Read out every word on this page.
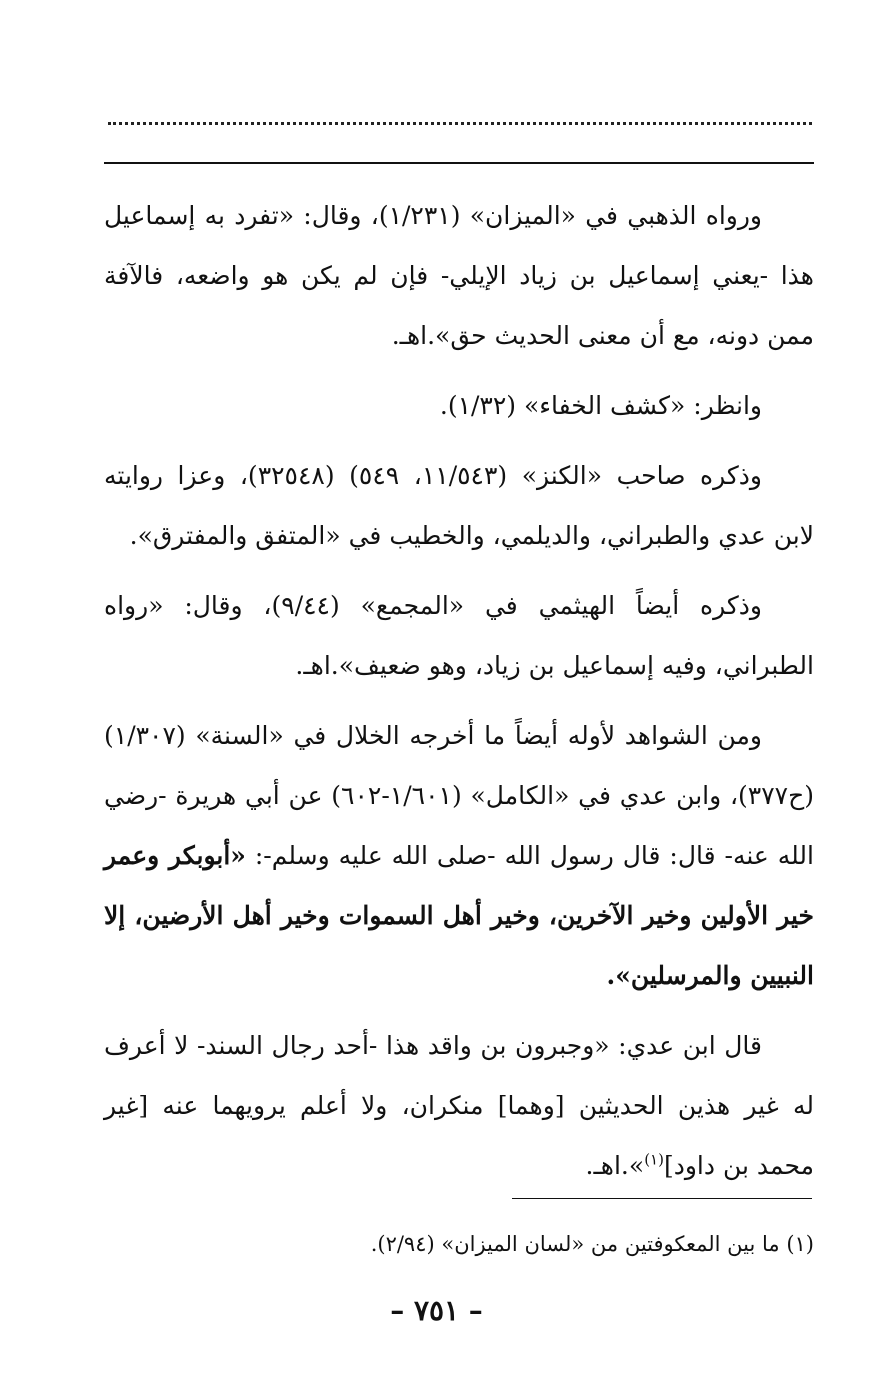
ورواه الذهبي في «الميزان» (١/٢٣١)، وقال: «تفرد به إسماعيل هذا -يعني إسماعيل بن زياد الإيلي- فإن لم يكن هو واضعه، فالآفة ممن دونه، مع أن معنى الحديث حق».اهـ.

وانظر: «كشف الخفاء» (١/٣٢).

وذكره صاحب «الكنز» (١١/٥٤٣، ٥٤٩) (٣٢٥٤٨)، وعزا روايته لابن عدي والطبراني، والديلمي، والخطيب في «المتفق والمفترق».

وذكره أيضاً الهيثمي في «المجمع» (٩/٤٤)، وقال: «رواه الطبراني، وفيه إسماعيل بن زياد، وهو ضعيف».اهـ.

ومن الشواهد لأوله أيضاً ما أخرجه الخلال في «السنة» (١/٣٠٧) (ح٣٧٧)، وابن عدي في «الكامل» (١/٦٠١-٦٠٢) عن أبي هريرة -رضي الله عنه- قال: قال رسول الله -صلى الله عليه وسلم-: «أبوبكر وعمر خير الأولين وخير الآخرين، وخير أهل السموات وخير أهل الأرضين، إلا النبيين والمرسلين».

قال ابن عدي: «وجبرون بن واقد هذا -أحد رجال السند- لا أعرف له غير هذين الحديثين [وهما] منكران، ولا أعلم يرويهما عنه [غير محمد بن داود]$^{(١)}$».اهـ.

(١) ما بين المعكوفتين من «لسان الميزان» (٢/٩٤).
– ٧٥١ –
